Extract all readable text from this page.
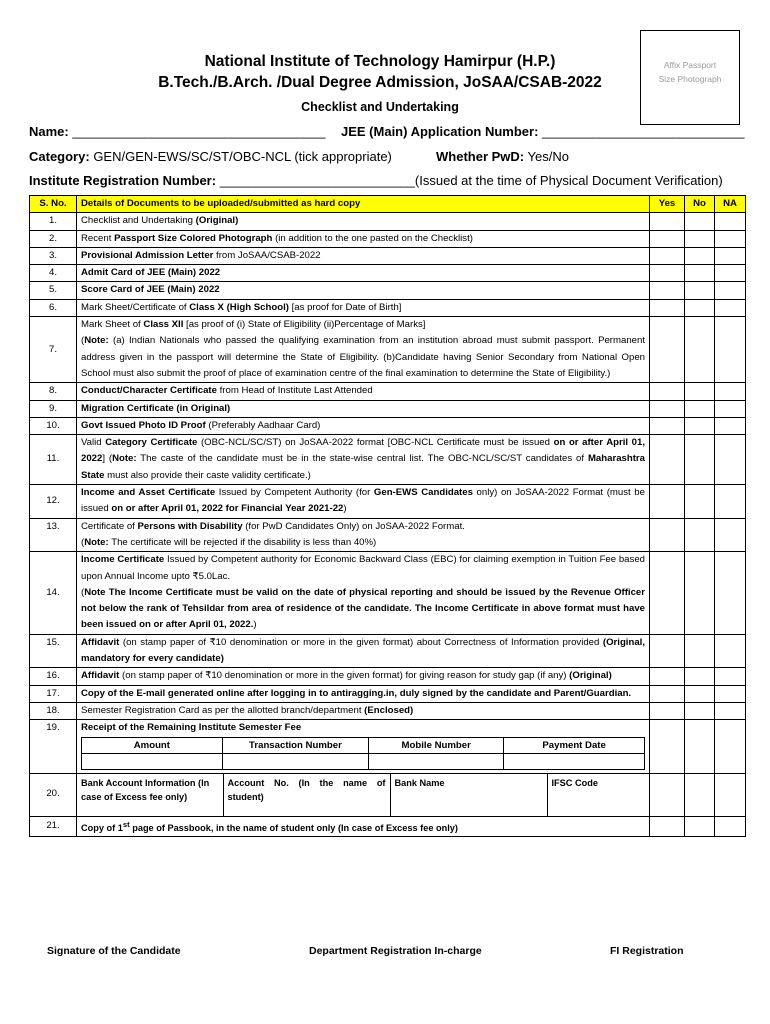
National Institute of Technology Hamirpur (H.P.)
B.Tech./B.Arch. /Dual Degree Admission, JoSAA/CSAB-2022
Affix Passport
Size Photograph
Checklist and Undertaking
Name: ___________________________________ JEE (Main) Application Number: ____________________________
Category: GEN/GEN-EWS/SC/ST/OBC-NCL (tick appropriate)	Whether PwD: Yes/No
Institute Registration Number: ___________________________(Issued at the time of Physical Document Verification)
S. No.	Details of Documents to be uploaded/submitted as hard copy	Yes	No	NA
1.	Checklist and Undertaking (Original)			
2.	Recent Passport Size Colored Photograph (in addition to the one pasted on the Checklist)			
3.	Provisional Admission Letter from JoSAA/CSAB-2022			
4.	Admit Card of JEE (Main) 2022			
5.	Score Card of JEE (Main) 2022			
6.	Mark Sheet/Certificate of Class X (High School) [as proof for Date of Birth]			
7.	Mark Sheet of Class XII [as proof of (i) State of Eligibility (ii)Percentage of Marks]
(Note: (a) Indian Nationals who passed the qualifying examination from an institution abroad must submit passport. Permanent address given in the passport will determine the State of Eligibility. (b)Candidate having Senior Secondary from National Open School must also submit the proof of place of examination centre of the final examination to determine the State of Eligibility.)			
8.	Conduct/Character Certificate from Head of Institute Last Attended			
9.	Migration Certificate (in Original)			
10.	Govt Issued Photo ID Proof (Preferably Aadhaar Card)			
11.	Valid Category Certificate (OBC-NCL/SC/ST) on JoSAA-2022 format [OBC-NCL Certificate must be issued on or after April 01, 2022] (Note: The caste of the candidate must be in the state-wise central list. The OBC-NCL/SC/ST candidates of Maharashtra State must also provide their caste validity certificate.)			
12.	Income and Asset Certificate Issued by Competent Authority (for Gen-EWS Candidates only) on JoSAA-2022 Format (must be issued on or after April 01, 2022 for Financial Year 2021-22)			
13.	Certificate of Persons with Disability (for PwD Candidates Only) on JoSAA-2022 Format.
(Note: The certificate will be rejected if the disability is less than 40%)			
14.	Income Certificate Issued by Competent authority for Economic Backward Class (EBC) for claiming exemption in Tuition Fee based upon Annual Income upto ₹5.0Lac.
(Note The Income Certificate must be valid on the date of physical reporting and should be issued by the Revenue Officer not below the rank of Tehsildar from area of residence of the candidate. The Income Certificate in above format must have been issued on or after April 01, 2022.)			
15.	Affidavit (on stamp paper of ₹10 denomination or more in the given format) about Correctness of Information provided (Original, mandatory for every candidate)			
16.	Affidavit (on stamp paper of ₹10 denomination or more in the given format) for giving reason for study gap (if any) (Original)			
17.	Copy of the E-mail generated online after logging in to antiragging.in, duly signed by the candidate and Parent/Guardian.			
18.	Semester Registration Card as per the allotted branch/department (Enclosed)			
19.	Receipt of the Remaining Institute Semester Fee
Amount	Transaction Number	Mobile Number	Payment Date

20.	
Bank Account Information (In case of Excess fee only)	Account No. (In the name of student)	Bank Name	IFSC Code

21.	Copy of 1st page of Passbook, in the name of student only (In case of Excess fee only)			
Signature of the Candidate	Department Registration In-charge	FI Registration
